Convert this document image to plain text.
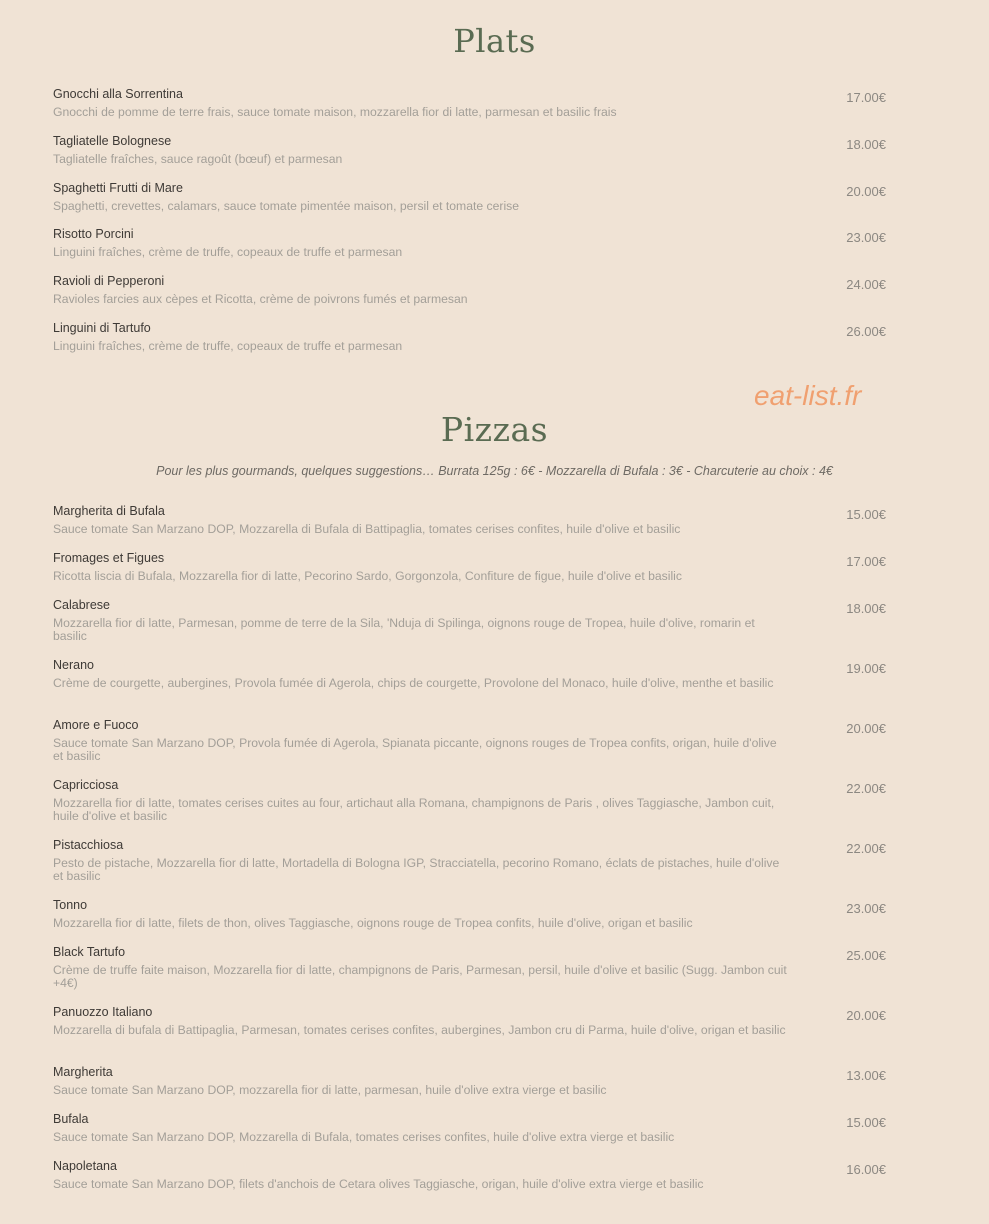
Plats
Gnocchi alla Sorrentina
Gnocchi de pomme de terre frais, sauce tomate maison, mozzarella fior di latte, parmesan et basilic frais
17.00€
Tagliatelle Bolognese
Tagliatelle fraîches, sauce ragoût (bœuf) et parmesan
18.00€
Spaghetti Frutti di Mare
Spaghetti, crevettes, calamars, sauce tomate pimentée maison, persil et tomate cerise
20.00€
Risotto Porcini
Linguini fraîches, crème de truffe, copeaux de truffe et parmesan
23.00€
Ravioli di Pepperoni
Ravioles farcies aux cèpes et Ricotta, crème de poivrons fumés et parmesan
24.00€
Linguini di Tartufo
Linguini fraîches, crème de truffe, copeaux de truffe et parmesan
26.00€
eat-list.fr
Pizzas
Pour les plus gourmands, quelques suggestions… Burrata 125g : 6€ - Mozzarella di Bufala : 3€ - Charcuterie au choix : 4€
Margherita di Bufala
Sauce tomate San Marzano DOP, Mozzarella di Bufala di Battipaglia, tomates cerises confites, huile d'olive et basilic
15.00€
Fromages et Figues
Ricotta liscia di Bufala, Mozzarella fior di latte, Pecorino Sardo, Gorgonzola, Confiture de figue, huile d'olive et basilic
17.00€
Calabrese
Mozzarella fior di latte, Parmesan, pomme de terre de la Sila, 'Nduja di Spilinga, oignons rouge de Tropea, huile d'olive, romarin et basilic
18.00€
Nerano
Crème de courgette, aubergines, Provola fumée di Agerola, chips de courgette, Provolone del Monaco, huile d'olive, menthe et basilic
19.00€
Amore e Fuoco
Sauce tomate San Marzano DOP, Provola fumée di Agerola, Spianata piccante, oignons rouges de Tropea confits, origan, huile d'olive et basilic
20.00€
Capricciosa
Mozzarella fior di latte, tomates cerises cuites au four, artichaut alla Romana, champignons de Paris , olives Taggiasche, Jambon cuit, huile d'olive et basilic
22.00€
Pistacchiosa
Pesto de pistache, Mozzarella fior di latte, Mortadella di Bologna IGP, Stracciatella, pecorino Romano, éclats de pistaches, huile d'olive et basilic
22.00€
Tonno
Mozzarella fior di latte, filets de thon, olives Taggiasche, oignons rouge de Tropea confits, huile d'olive, origan et basilic
23.00€
Black Tartufo
Crème de truffe faite maison, Mozzarella fior di latte, champignons de Paris, Parmesan, persil, huile d'olive et basilic (Sugg. Jambon cuit +4€)
25.00€
Panuozzo Italiano
Mozzarella di bufala di Battipaglia, Parmesan, tomates cerises confites, aubergines, Jambon cru di Parma, huile d'olive, origan et basilic
20.00€
Margherita
Sauce tomate San Marzano DOP, mozzarella fior di latte, parmesan, huile d'olive extra vierge et basilic
13.00€
Bufala
Sauce tomate San Marzano DOP, Mozzarella di Bufala, tomates cerises confites, huile d'olive extra vierge et basilic
15.00€
Napoletana
Sauce tomate San Marzano DOP, filets d'anchois de Cetara olives Taggiasche, origan, huile d'olive extra vierge et basilic
16.00€
